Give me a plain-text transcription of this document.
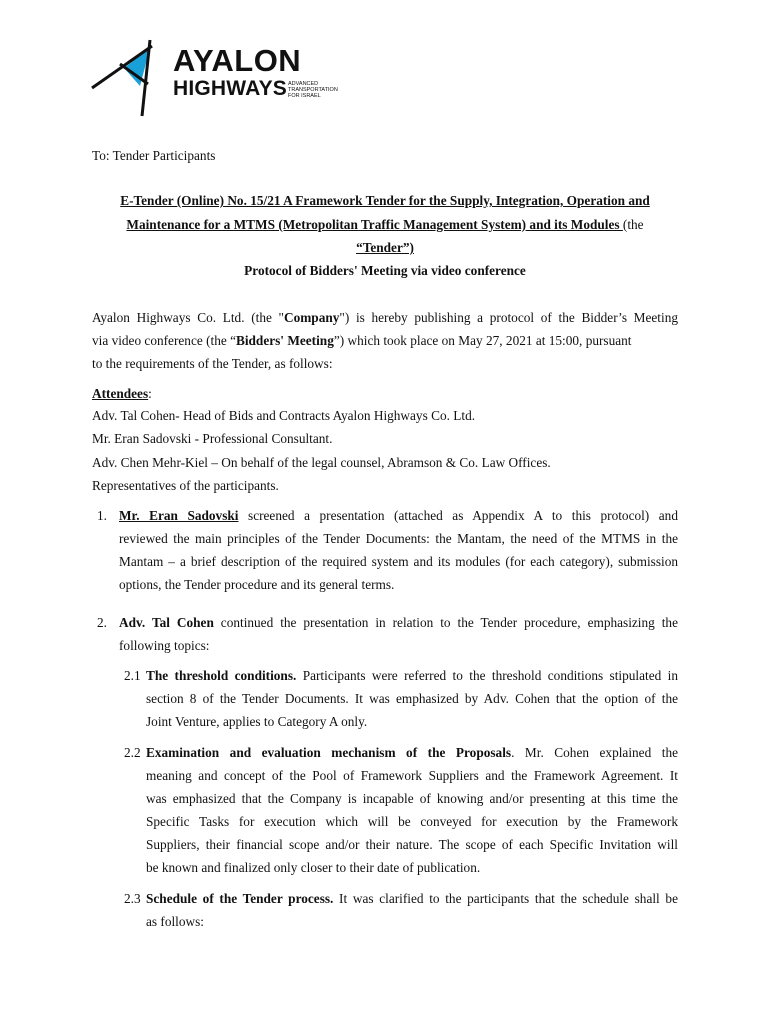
AYALON
HIGHWAYS ADVANCED
TRANSPORTATION
FOR ISRAEL
To: Tender Participants
E-Tender (Online) No. 15/21 A Framework Tender for the Supply, Integration, Operation and
Maintenance for a MTMS (Metropolitan Traffic Management System) and its Modules (the
“Tender”)
Protocol of Bidders' Meeting via video conference
Ayalon Highways Co. Ltd. (the "Company") is hereby publishing a protocol of the Bidder’s Meeting
via video conference (the “Bidders' Meeting”) which took place on May 27, 2021 at 15:00, pursuant
to the requirements of the Tender, as follows:
Attendees:
Adv. Tal Cohen- Head of Bids and Contracts Ayalon Highways Co. Ltd.
Mr. Eran Sadovski - Professional Consultant.
Adv. Chen Mehr-Kiel – On behalf of the legal counsel, Abramson & Co. Law Offices.
Representatives of the participants.
1. Mr. Eran Sadovski screened a presentation (attached as Appendix A to this protocol) and
reviewed the main principles of the Tender Documents: the Mantam, the need of the MTMS in the
Mantam – a brief description of the required system and its modules (for each category), submission
options, the Tender procedure and its general terms.
2. Adv. Tal Cohen continued the presentation in relation to the Tender procedure, emphasizing the
following topics:
2.1 The threshold conditions. Participants were referred to the threshold conditions stipulated in
section 8 of the Tender Documents. It was emphasized by Adv. Cohen that the option of the
Joint Venture, applies to Category A only.
2.2 Examination and evaluation mechanism of the Proposals. Mr. Cohen explained the
meaning and concept of the Pool of Framework Suppliers and the Framework Agreement. It
was emphasized that the Company is incapable of knowing and/or presenting at this time the
Specific Tasks for execution which will be conveyed for execution by the Framework
Suppliers, their financial scope and/or their nature. The scope of each Specific Invitation will
be known and finalized only closer to their date of publication.
2.3 Schedule of the Tender process. It was clarified to the participants that the schedule shall be
as follows:
